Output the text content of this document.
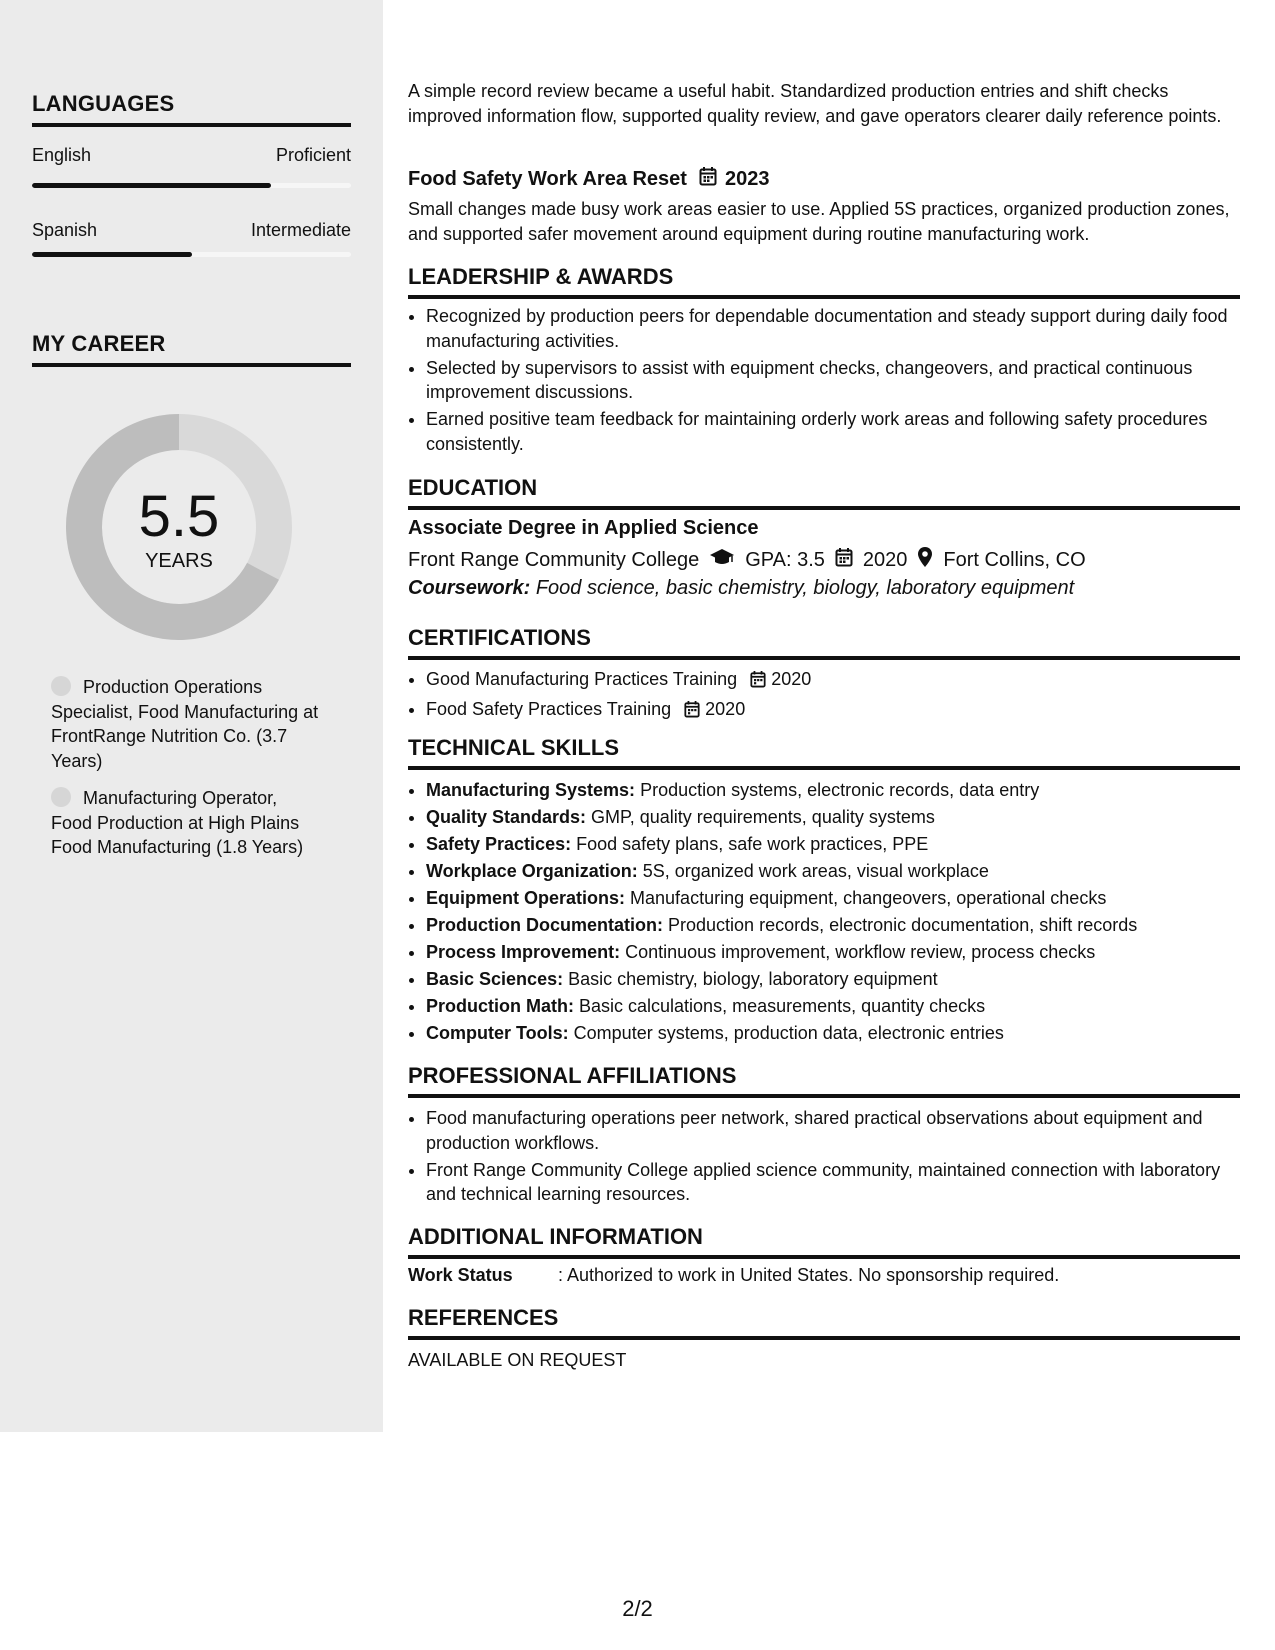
LANGUAGES
English	Proficient
Spanish	Intermediate
MY CAREER
5.5
YEARS
Production Operations Specialist, Food Manufacturing at FrontRange Nutrition Co. (3.7 Years)
Manufacturing Operator, Food Production at High Plains Food Manufacturing (1.8 Years)
A simple record review became a useful habit. Standardized production entries and shift checks improved information flow, supported quality review, and gave operators clearer daily reference points.
Food Safety Work Area Reset 2023
Small changes made busy work areas easier to use. Applied 5S practices, organized production zones, and supported safer movement around equipment during routine manufacturing work.
LEADERSHIP & AWARDS
• Recognized by production peers for dependable documentation and steady support during daily food manufacturing activities.
• Selected by supervisors to assist with equipment checks, changeovers, and practical continuous improvement discussions.
• Earned positive team feedback for maintaining orderly work areas and following safety procedures consistently.
EDUCATION
Associate Degree in Applied Science
Front Range Community College GPA: 3.5 2020 Fort Collins, CO
Coursework: Food science, basic chemistry, biology, laboratory equipment
CERTIFICATIONS
• Good Manufacturing Practices Training 2020
• Food Safety Practices Training 2020
TECHNICAL SKILLS
• Manufacturing Systems: Production systems, electronic records, data entry
• Quality Standards: GMP, quality requirements, quality systems
• Safety Practices: Food safety plans, safe work practices, PPE
• Workplace Organization: 5S, organized work areas, visual workplace
• Equipment Operations: Manufacturing equipment, changeovers, operational checks
• Production Documentation: Production records, electronic documentation, shift records
• Process Improvement: Continuous improvement, workflow review, process checks
• Basic Sciences: Basic chemistry, biology, laboratory equipment
• Production Math: Basic calculations, measurements, quantity checks
• Computer Tools: Computer systems, production data, electronic entries
PROFESSIONAL AFFILIATIONS
• Food manufacturing operations peer network, shared practical observations about equipment and production workflows.
• Front Range Community College applied science community, maintained connection with laboratory and technical learning resources.
ADDITIONAL INFORMATION
Work Status	: Authorized to work in United States. No sponsorship required.
REFERENCES
AVAILABLE ON REQUEST
2/2
